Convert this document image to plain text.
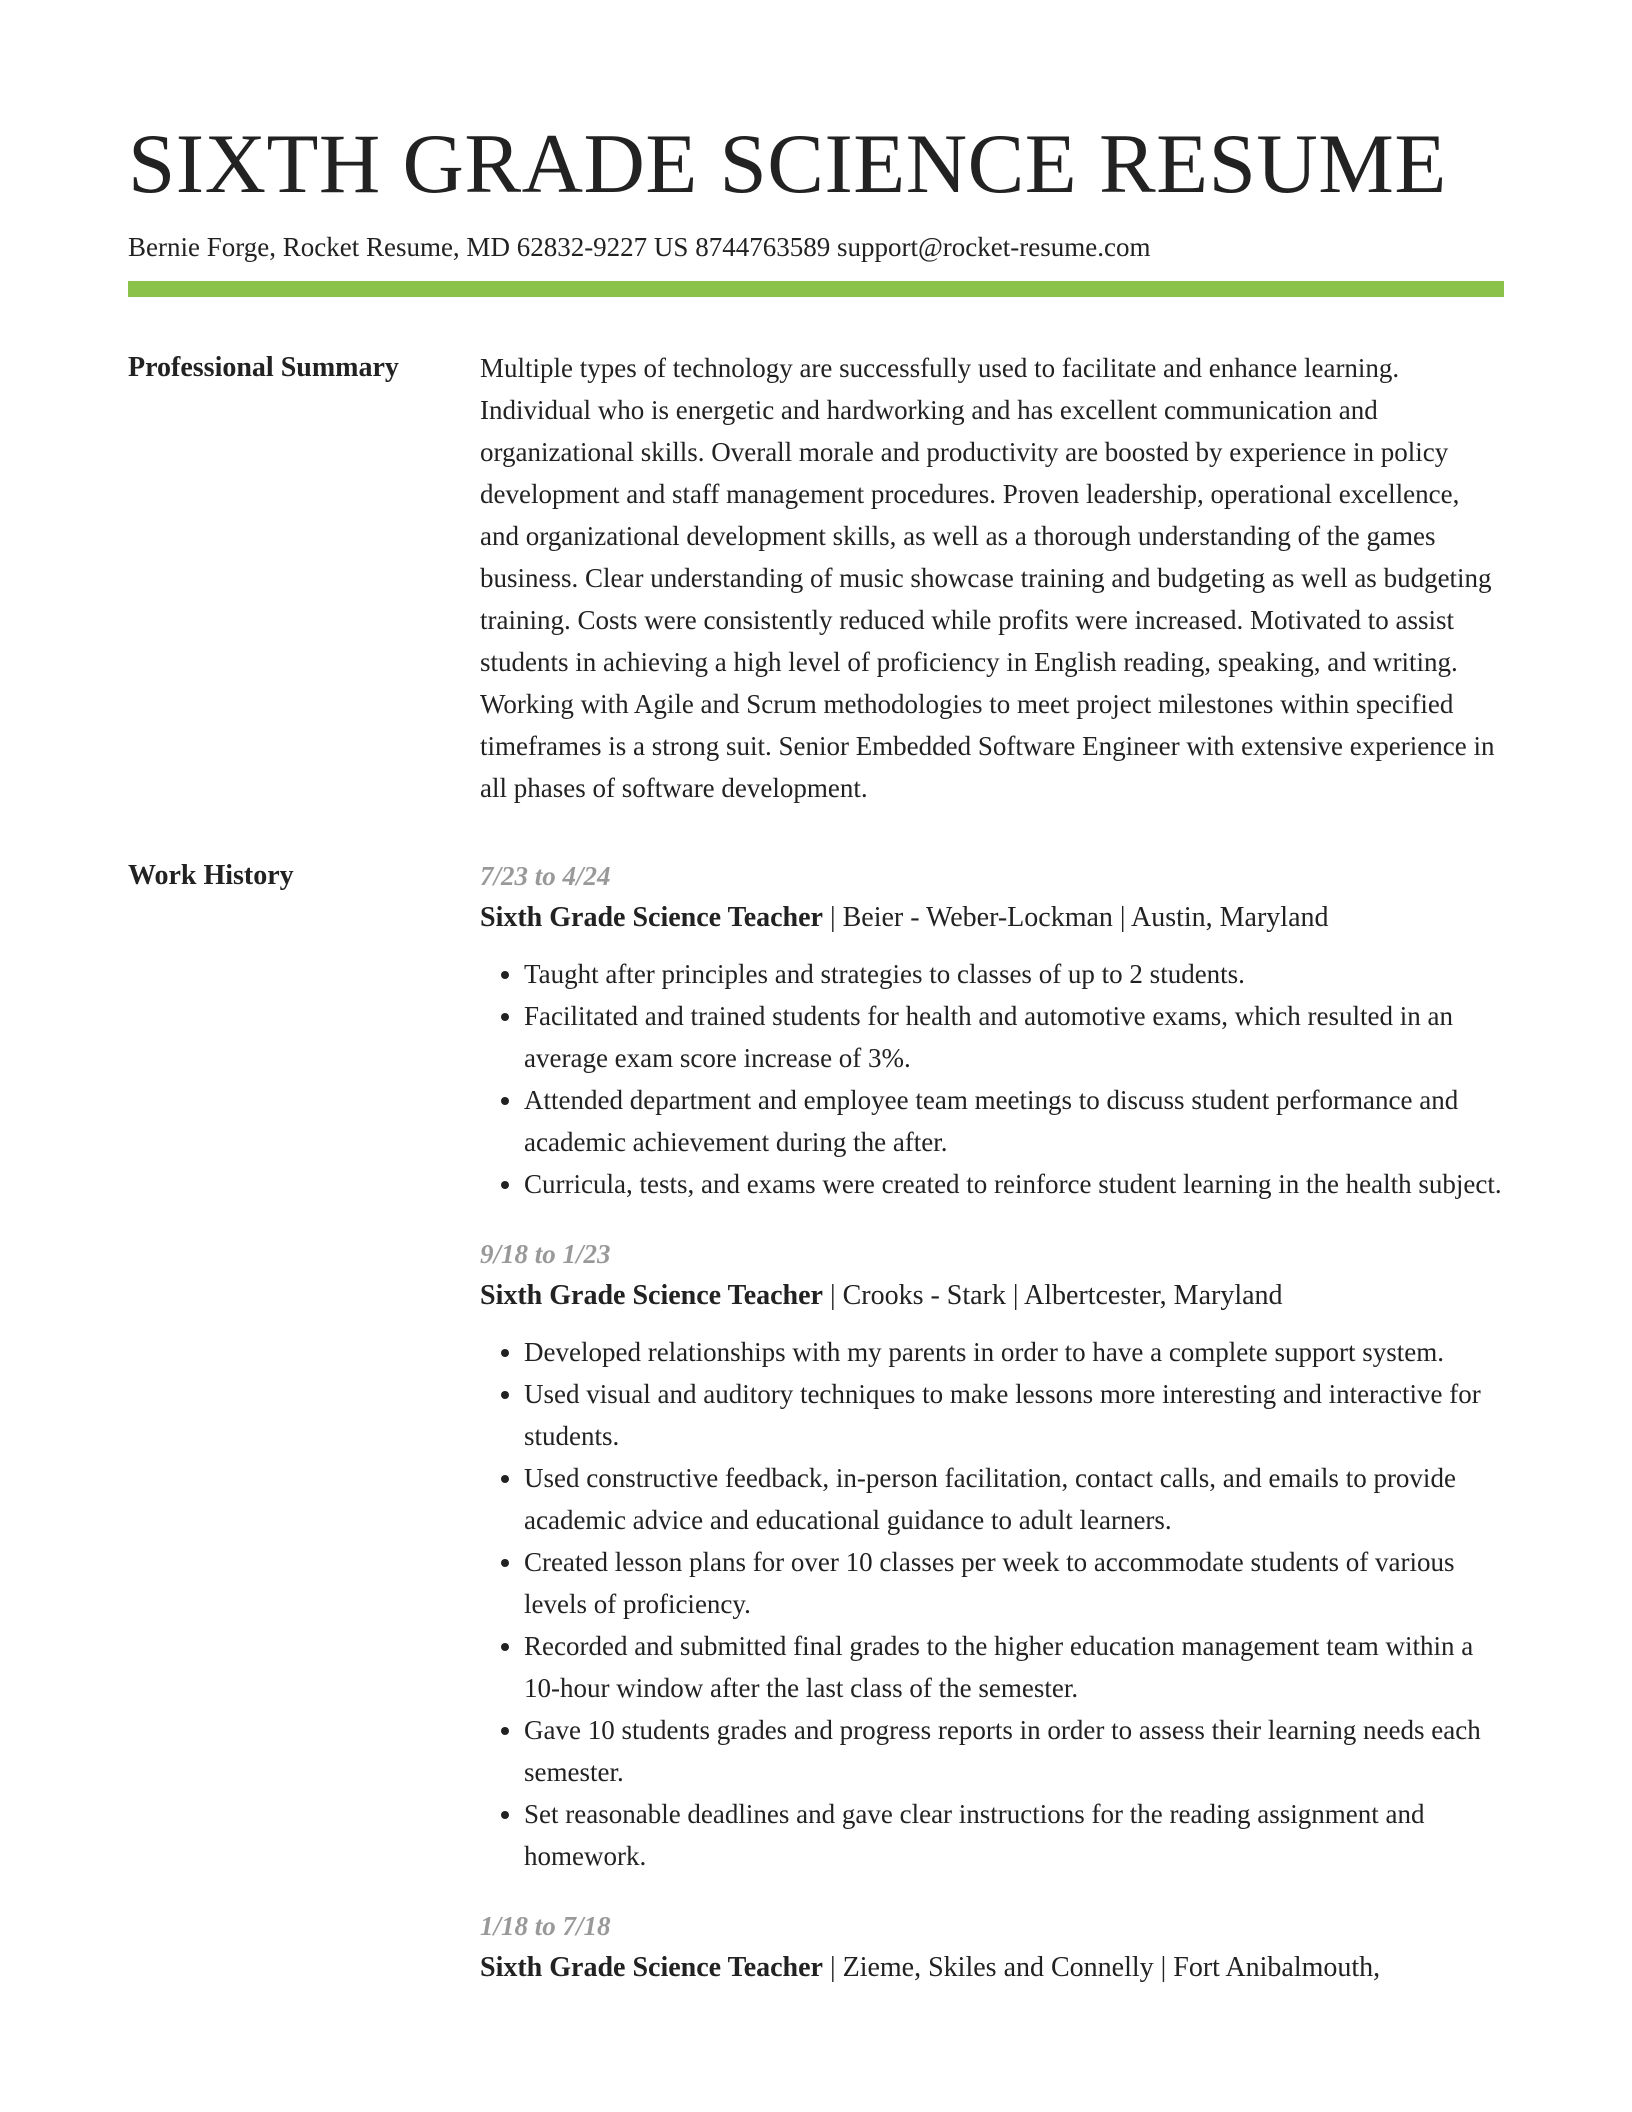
SIXTH GRADE SCIENCE RESUME
Bernie Forge, Rocket Resume, MD 62832-9227 US 8744763589 support@rocket-resume.com
Professional Summary	Multiple types of technology are successfully used to facilitate and enhance learning. Individual who is energetic and hardworking and has excellent communication and organizational skills. Overall morale and productivity are boosted by experience in policy development and staff management procedures. Proven leadership, operational excellence, and organizational development skills, as well as a thorough understanding of the games business. Clear understanding of music showcase training and budgeting as well as budgeting training. Costs were consistently reduced while profits were increased. Motivated to assist students in achieving a high level of proficiency in English reading, speaking, and writing. Working with Agile and Scrum methodologies to meet project milestones within specified timeframes is a strong suit. Senior Embedded Software Engineer with extensive experience in all phases of software development.

Work History	7/23 to 4/24
Sixth Grade Science Teacher | Beier - Weber-Lockman | Austin, Maryland
• Taught after principles and strategies to classes of up to 2 students.
• Facilitated and trained students for health and automotive exams, which resulted in an average exam score increase of 3%.
• Attended department and employee team meetings to discuss student performance and academic achievement during the after.
• Curricula, tests, and exams were created to reinforce student learning in the health subject.
9/18 to 1/23
Sixth Grade Science Teacher | Crooks - Stark | Albertcester, Maryland
• Developed relationships with my parents in order to have a complete support system.
• Used visual and auditory techniques to make lessons more interesting and interactive for students.
• Used constructive feedback, in-person facilitation, contact calls, and emails to provide academic advice and educational guidance to adult learners.
• Created lesson plans for over 10 classes per week to accommodate students of various levels of proficiency.
• Recorded and submitted final grades to the higher education management team within a 10-hour window after the last class of the semester.
• Gave 10 students grades and progress reports in order to assess their learning needs each semester.
• Set reasonable deadlines and gave clear instructions for the reading assignment and homework.
1/18 to 7/18
Sixth Grade Science Teacher | Zieme, Skiles and Connelly | Fort Anibalmouth,
